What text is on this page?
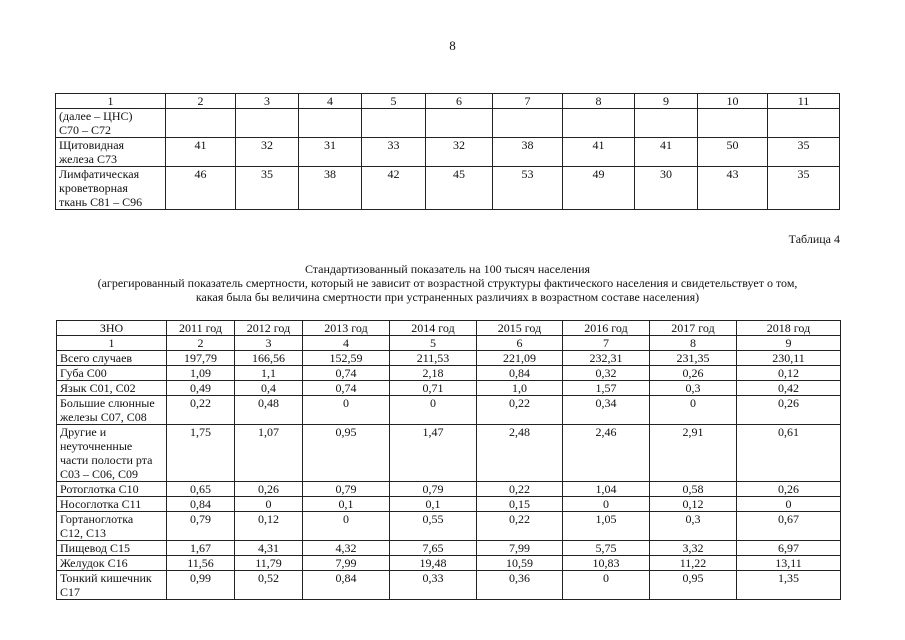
8
1	2	3	4	5	6	7	8	9	10	11

(далее – ЦНС)
С70 – С72										

Щитовидная
железа С73	41	32	31	33	32	38	41	41	50	35

Лимфатическая
кроветворная
ткань С81 – С96	46	35	38	42	45	53	49	30	43	35
Таблица 4
Стандартизованный показатель на 100 тысяч населения
(агрегированный показатель смертности, который не зависит от возрастной структуры фактического населения и свидетельствует о том,
какая была бы величина смертности при устраненных различиях в возрастном составе населения)
ЗНО	2011 год	2012 год	2013 год	2014 год	2015 год	2016 год	2017 год	2018 год
1	2	3	4	5	6	7	8	9

Всего случаев	197,79	166,56	152,59	211,53	221,09	232,31	231,35	230,11

Губа С00	1,09	1,1	0,74	2,18	0,84	0,32	0,26	0,12

Язык С01, С02	0,49	0,4	0,74	0,71	1,0	1,57	0,3	0,42

Большие слюнные
железы С07, С08	0,22	0,48	0	0	0,22	0,34	0	0,26

Другие и
неуточненные
части полости рта
С03 – С06, С09	1,75	1,07	0,95	1,47	2,48	2,46	2,91	0,61

Ротоглотка С10	0,65	0,26	0,79	0,79	0,22	1,04	0,58	0,26

Носоглотка С11	0,84	0	0,1	0,1	0,15	0	0,12	0

Гортаноглотка
С12, С13	0,79	0,12	0	0,55	0,22	1,05	0,3	0,67

Пищевод С15	1,67	4,31	4,32	7,65	7,99	5,75	3,32	6,97

Желудок С16	11,56	11,79	7,99	19,48	10,59	10,83	11,22	13,11

Тонкий кишечник
С17	0,99	0,52	0,84	0,33	0,36	0	0,95	1,35
